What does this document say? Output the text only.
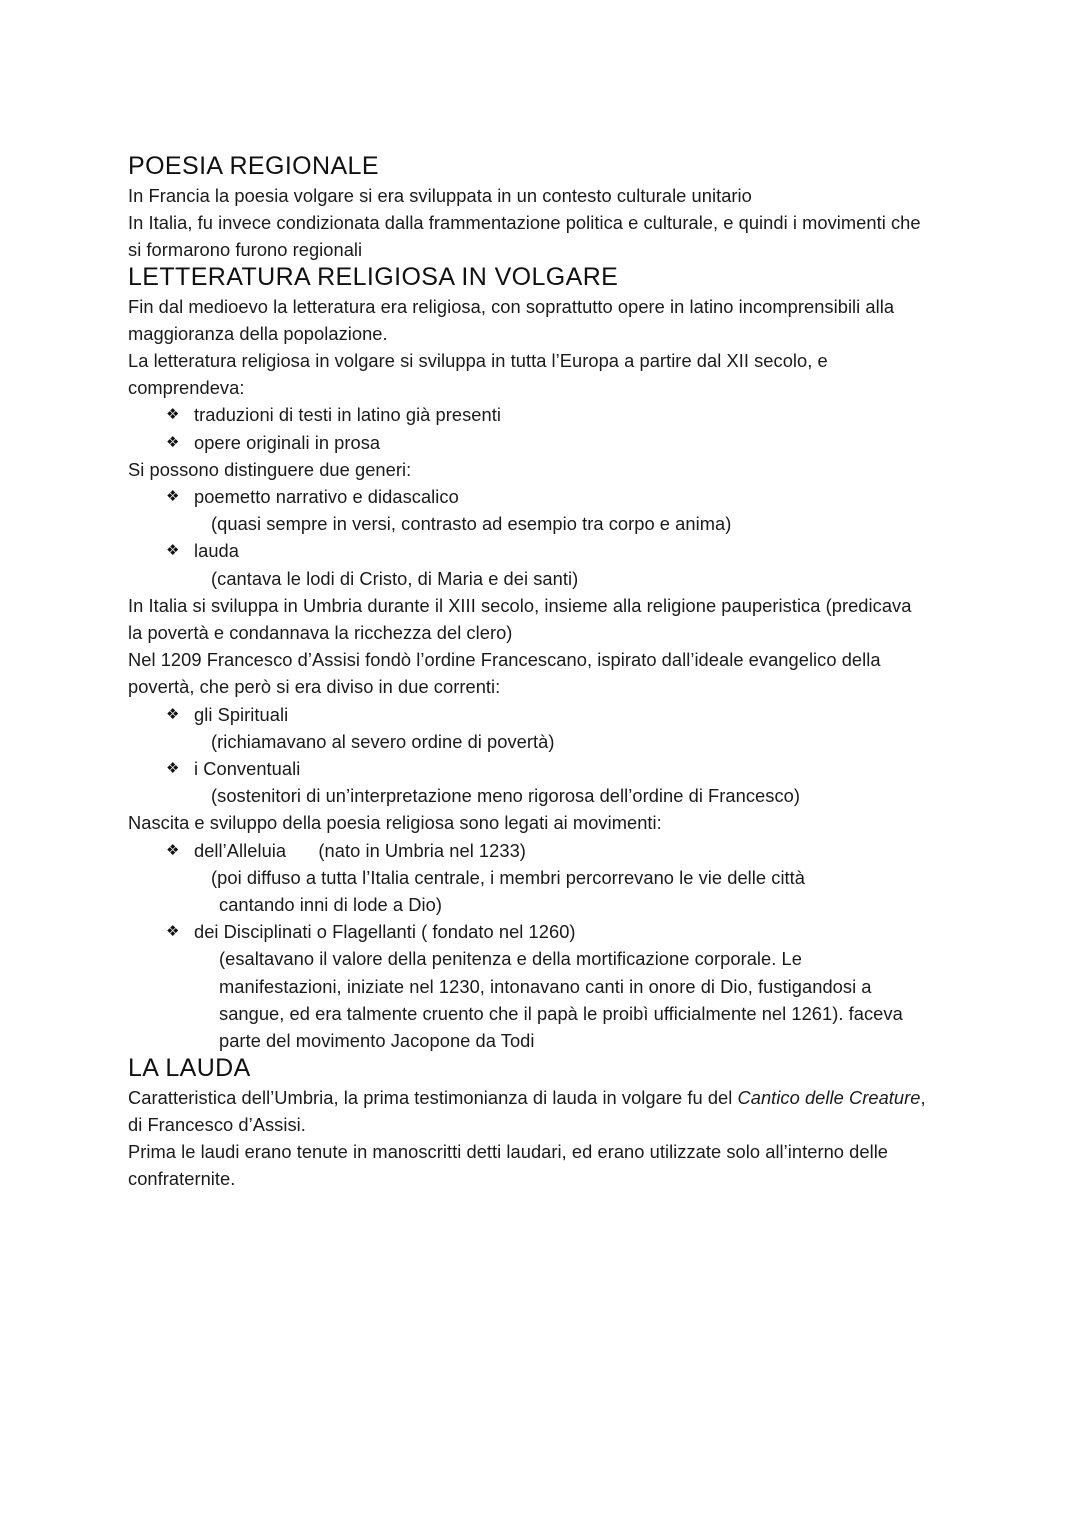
POESIA REGIONALE

In Francia la poesia volgare si era sviluppata in un contesto culturale unitario

In Italia, fu invece condizionata dalla frammentazione politica e culturale, e quindi i movimenti che si formarono furono regionali

LETTERATURA RELIGIOSA IN VOLGARE

Fin dal medioevo la letteratura era religiosa, con soprattutto opere in latino incomprensibili alla maggioranza della popolazione.

La letteratura religiosa in volgare si sviluppa in tutta l’Europa a partire dal XII secolo, e comprendeva:

❖ traduzioni di testi in latino già presenti
❖ opere originali in prosa

Si possono distinguere due generi:

❖ poemetto narrativo e didascalico
(quasi sempre in versi, contrasto ad esempio tra corpo e anima)
❖ lauda
(cantava le lodi di Cristo, di Maria e dei santi)

In Italia si sviluppa in Umbria durante il XIII secolo, insieme alla religione pauperistica (predicava la povertà e condannava la ricchezza del clero)

Nel 1209 Francesco d’Assisi fondò l’ordine Francescano, ispirato dall’ideale evangelico della povertà, che però si era diviso in due correnti:

❖ gli Spirituali
(richiamavano al severo ordine di povertà)
❖ i Conventuali
(sostenitori di un’interpretazione meno rigorosa dell’ordine di Francesco)

Nascita e sviluppo della poesia religiosa sono legati ai movimenti:

❖ dell’Alleluia (nato in Umbria nel 1233)
(poi diffuso a tutta l’Italia centrale, i membri percorrevano le vie delle città
cantando inni di lode a Dio)
❖ dei Disciplinati o Flagellanti ( fondato nel 1260)
(esaltavano il valore della penitenza e della mortificazione corporale. Le manifestazioni, iniziate nel 1230, intonavano canti in onore di Dio, fustigandosi a sangue, ed era talmente cruento che il papà le proibì ufficialmente nel 1261). faceva parte del movimento Jacopone da Todi
LA LAUDA

Caratteristica dell’Umbria, la prima testimonianza di lauda in volgare fu del Cantico delle Creature, di Francesco d’Assisi.

Prima le laudi erano tenute in manoscritti detti laudari, ed erano utilizzate solo all’interno delle confraternite.
